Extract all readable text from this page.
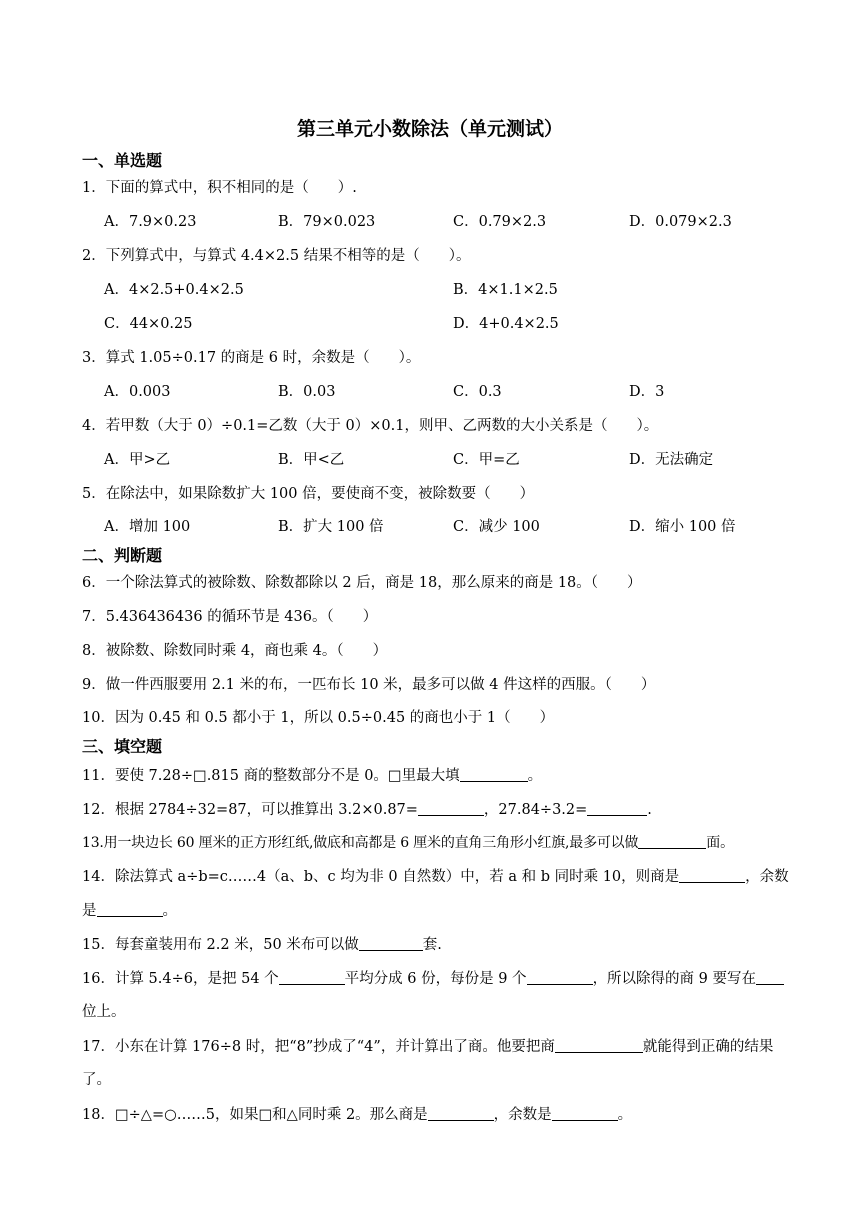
第三单元小数除法（单元测试）
一、单选题
1．下面的算式中，积不相同的是（　　）.
A．7.9×0.23	B．79×0.023	C．0.79×2.3	D．0.079×2.3
2．下列算式中，与算式 4.4×2.5 结果不相等的是（　　）。
A．4×2.5+0.4×2.5	B．4×1.1×2.5
C．44×0.25	D．4+0.4×2.5
3．算式 1.05÷0.17 的商是 6 时，余数是（　　）。
A．0.003	B．0.03	C．0.3	D．3
4．若甲数（大于 0）÷0.1=乙数（大于 0）×0.1，则甲、乙两数的大小关系是（　　）。
A．甲>乙	B．甲<乙	C．甲=乙	D．无法确定
5．在除法中，如果除数扩大 100 倍，要使商不变，被除数要（　　）
A．增加 100	B．扩大 100 倍	C．减少 100	D．缩小 100 倍
二、判断题
6．一个除法算式的被除数、除数都除以 2 后，商是 18，那么原来的商是 18。（　　）
7．5.436436436 的循环节是 436。（　　）
8．被除数、除数同时乘 4，商也乘 4。（　　）
9．做一件西服要用 2.1 米的布，一匹布长 10 米，最多可以做 4 件这样的西服。（　　）
10．因为 0.45 和 0.5 都小于 1，所以 0.5÷0.45 的商也小于 1（　　）
三、填空题
11．要使 7.28÷□.815 商的整数部分不是 0。□里最大填	。
12．根据 2784÷32=87，可以推算出 3.2×0.87=	，27.84÷3.2=	.
13.用一块边长 60 厘米的正方形红纸,做底和高都是 6 厘米的直角三角形小红旗,最多可以做	面。
14．除法算式 a÷b=c……4（a、b、c 均为非 0 自然数）中，若 a 和 b 同时乘 10，则商是	，余数
是	。
15．每套童装用布 2.2 米，50 米布可以做	套.
16．计算 5.4÷6，是把 54 个	平均分成 6 份，每份是 9 个	，所以除得的商 9 要写在
位上。
17．小东在计算 176÷8 时，把“8”抄成了“4”，并计算出了商。他要把商	就能得到正确的结果
了。
18．□÷△=○……5，如果□和△同时乘 2。那么商是	，余数是	。
